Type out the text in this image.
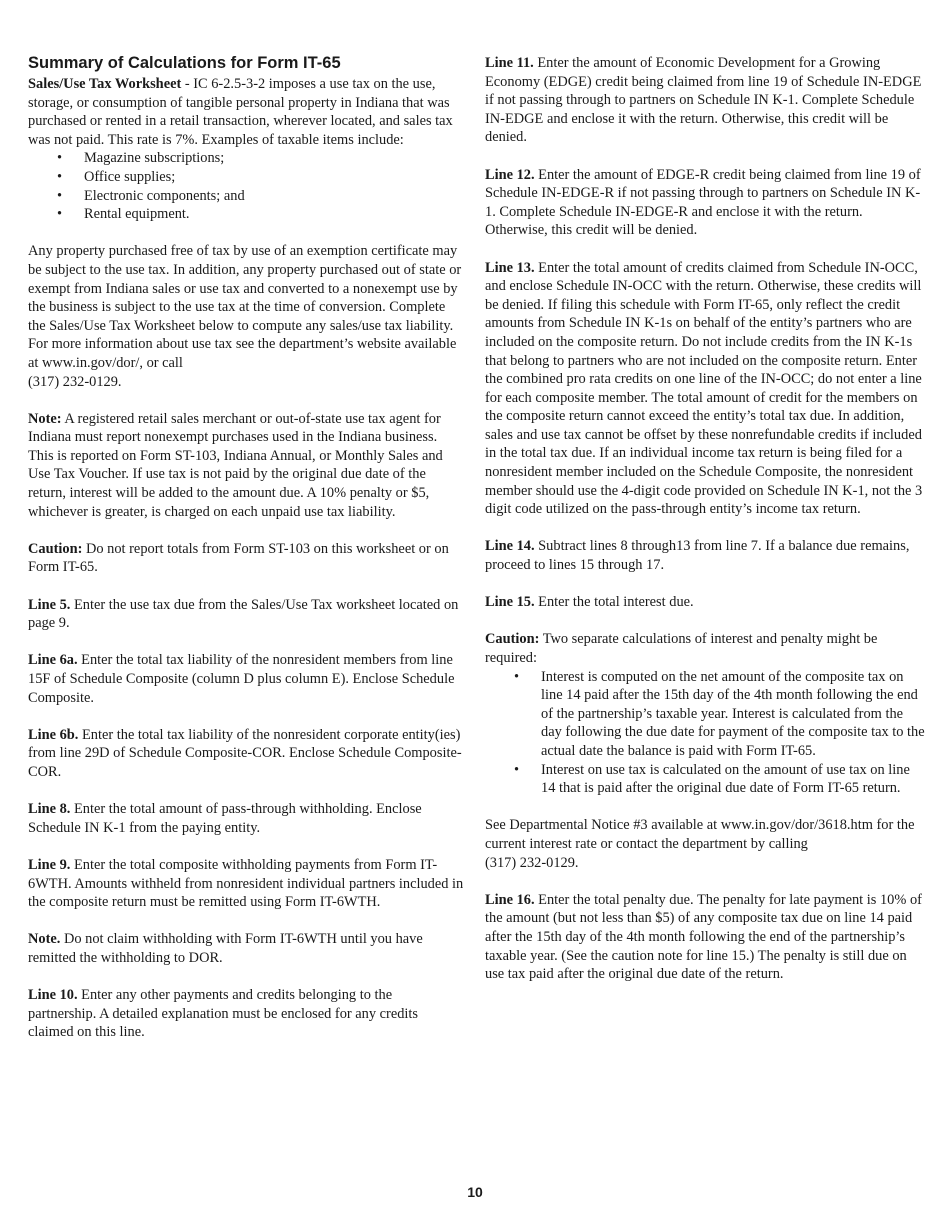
Summary of Calculations for Form IT-65

Sales/Use Tax Worksheet - IC 6-2.5-3-2 imposes a use tax on the use, storage, or consumption of tangible personal property in Indiana that was purchased or rented in a retail transaction, wherever located, and sales tax was not paid. This rate is 7%. Examples of taxable items include:

• Magazine subscriptions;
• Office supplies;
• Electronic components; and
• Rental equipment.

Any property purchased free of tax by use of an exemption certificate may be subject to the use tax. In addition, any property purchased out of state or exempt from Indiana sales or use tax and converted to a nonexempt use by the business is subject to the use tax at the time of conversion. Complete the Sales/Use Tax Worksheet below to compute any sales/use tax liability. For more information about use tax see the department’s website available at www.in.gov/dor/, or call
(317) 232-0129.

Note: A registered retail sales merchant or out-of-state use tax agent for Indiana must report nonexempt purchases used in the Indiana business. This is reported on Form ST-103, Indiana Annual, or Monthly Sales and Use Tax Voucher. If use tax is not paid by the original due date of the return, interest will be added to the amount due. A 10% penalty or $5, whichever is greater, is charged on each unpaid use tax liability.

Caution: Do not report totals from Form ST-103 on this worksheet or on Form IT-65.

Line 5. Enter the use tax due from the Sales/Use Tax worksheet located on page 9.

Line 6a. Enter the total tax liability of the nonresident members from line 15F of Schedule Composite (column D plus column E). Enclose Schedule Composite.

Line 6b. Enter the total tax liability of the nonresident corporate entity(ies) from line 29D of Schedule Composite-COR. Enclose Schedule Composite-COR.

Line 8. Enter the total amount of pass-through withholding. Enclose Schedule IN K-1 from the paying entity.

Line 9. Enter the total composite withholding payments from Form IT-6WTH. Amounts withheld from nonresident individual partners included in the composite return must be remitted using Form IT-6WTH.

Note. Do not claim withholding with Form IT-6WTH until you have remitted the withholding to DOR.

Line 10. Enter any other payments and credits belonging to the partnership. A detailed explanation must be enclosed for any credits claimed on this line.

Line 11. Enter the amount of Economic Development for a Growing Economy (EDGE) credit being claimed from line 19 of Schedule IN-EDGE if not passing through to partners on Schedule IN K-1. Complete Schedule IN-EDGE and enclose it with the return. Otherwise, this credit will be denied.

Line 12. Enter the amount of EDGE-R credit being claimed from line 19 of Schedule IN-EDGE-R if not passing through to partners on Schedule IN K-1. Complete Schedule IN-EDGE-R and enclose it with the return. Otherwise, this credit will be denied.

Line 13. Enter the total amount of credits claimed from Schedule IN-OCC, and enclose Schedule IN-OCC with the return. Otherwise, these credits will be denied. If filing this schedule with Form IT-65, only reflect the credit amounts from Schedule IN K-1s on behalf of the entity’s partners who are included on the composite return. Do not include credits from the IN K-1s that belong to partners who are not included on the composite return. Enter the combined pro rata credits on one line of the IN-OCC; do not enter a line for each composite member. The total amount of credit for the members on the composite return cannot exceed the entity’s total tax due. In addition, sales and use tax cannot be offset by these nonrefundable credits if included in the total tax due. If an individual income tax return is being filed for a nonresident member included on the Schedule Composite, the nonresident member should use the 4-digit code provided on Schedule IN K-1, not the 3 digit code utilized on the pass-through entity’s income tax return.

Line 14. Subtract lines 8 through13 from line 7. If a balance due remains, proceed to lines 15 through 17.

Line 15. Enter the total interest due.

Caution: Two separate calculations of interest and penalty might be required:

• Interest is computed on the net amount of the composite tax on line 14 paid after the 15th day of the 4th month following the end of the partnership’s taxable year. Interest is calculated from the day following the due date for payment of the composite tax to the actual date the balance is paid with Form IT-65.
• Interest on use tax is calculated on the amount of use tax on line 14 that is paid after the original due date of Form IT-65 return.

See Departmental Notice #3 available at www.in.gov/dor/3618.htm for the current interest rate or contact the department by calling
(317) 232-0129.

Line 16. Enter the total penalty due. The penalty for late payment is 10% of the amount (but not less than $5) of any composite tax due on line 14 paid after the 15th day of the 4th month following the end of the partnership’s taxable year. (See the caution note for line 15.) The penalty is still due on use tax paid after the original due date of the return.

10
